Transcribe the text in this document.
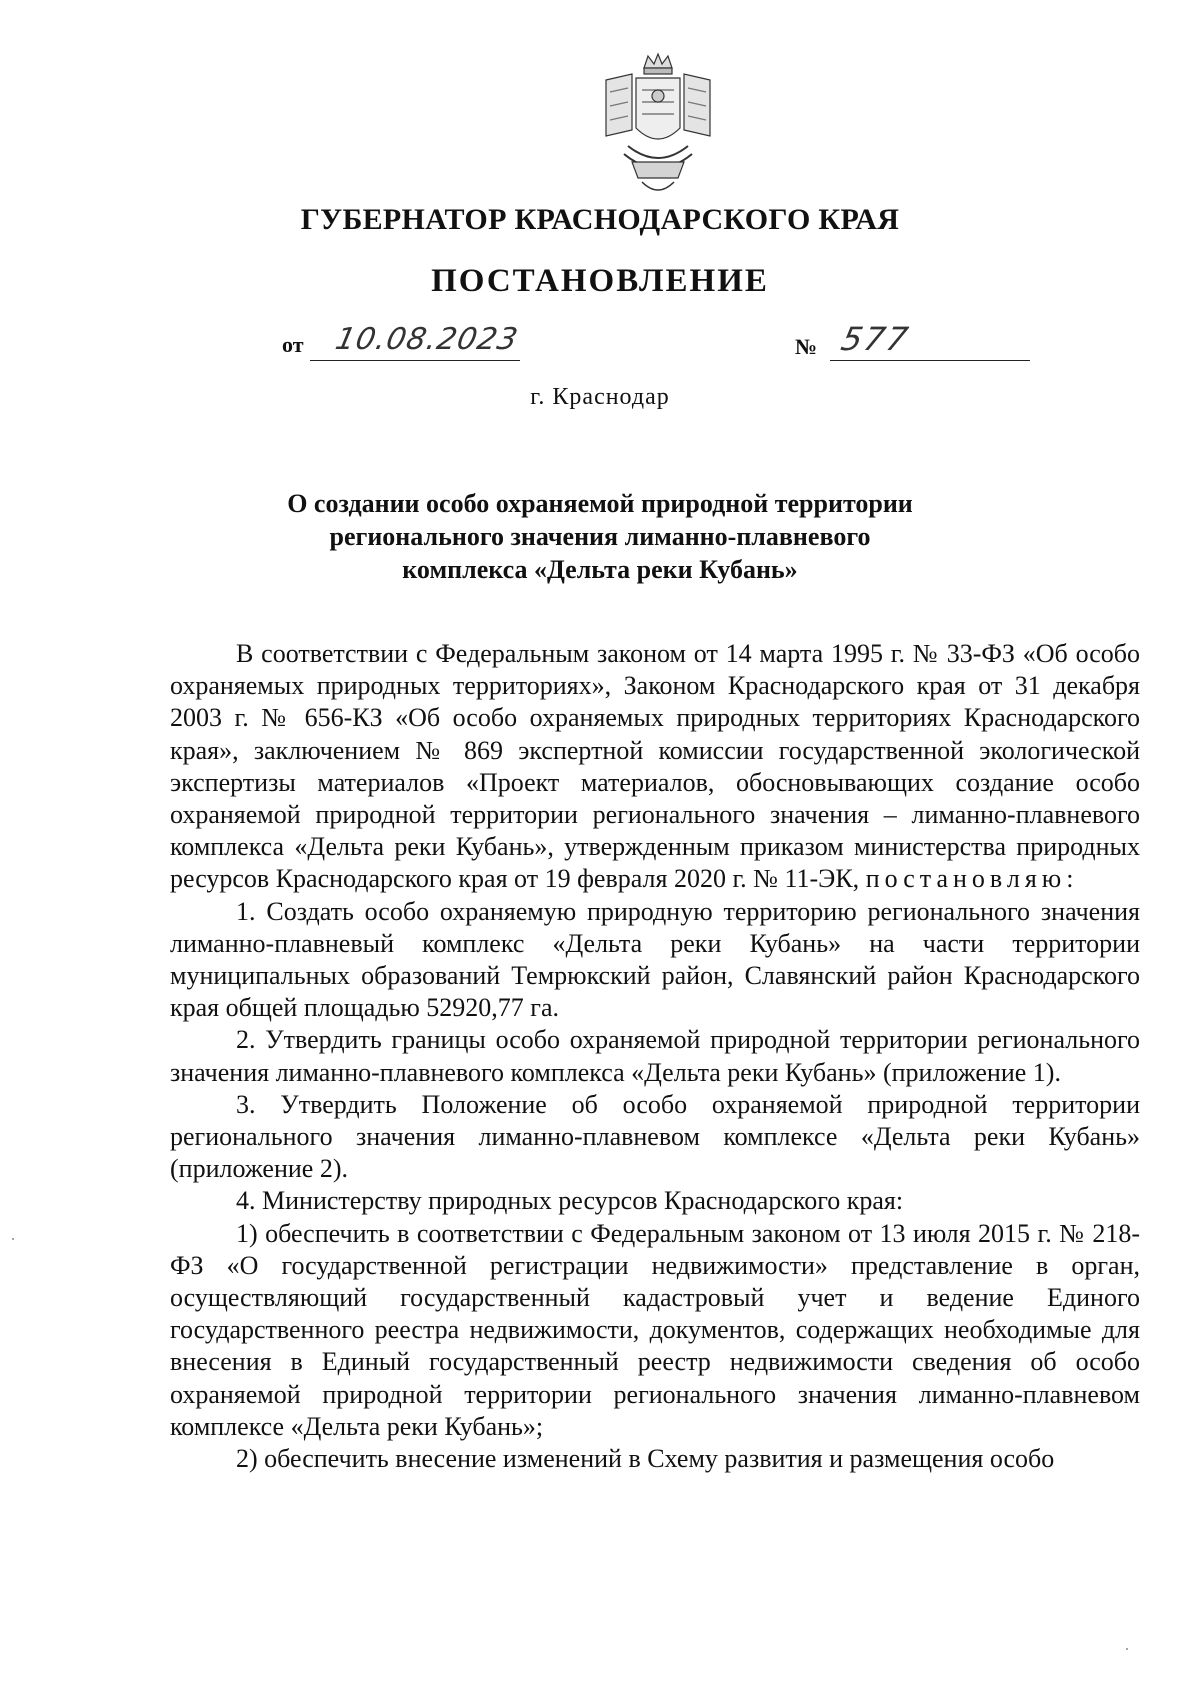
ГУБЕРНАТОР КРАСНОДАРСКОГО КРАЯ
ПОСТАНОВЛЕНИЕ
от 10.08.2023	№ 577
г. Краснодар
О создании особо охраняемой природной территории
регионального значения лиманно-плавневого
комплекса «Дельта реки Кубань»

В соответствии с Федеральным законом от 14 марта 1995 г. № 33-ФЗ «Об особо охраняемых природных территориях», Законом Краснодарского края от 31 декабря 2003 г. № 656-КЗ «Об особо охраняемых природных территориях Краснодарского края», заключением № 869 экспертной комиссии государственной экологической экспертизы материалов «Проект материалов, обосновывающих создание особо охраняемой природной территории регионального значения – лиманно-плавневого комплекса «Дельта реки Кубань», утвержденным приказом министерства природных ресурсов Краснодарского края от 19 февраля 2020 г. № 11-ЭК, постановляю:

1. Создать особо охраняемую природную территорию регионального значения лиманно-плавневый комплекс «Дельта реки Кубань» на части территории муниципальных образований Темрюкский район, Славянский район Краснодарского края общей площадью 52920,77 га.

2. Утвердить границы особо охраняемой природной территории регионального значения лиманно-плавневого комплекса «Дельта реки Кубань» (приложение 1).

3. Утвердить Положение об особо охраняемой природной территории регионального значения лиманно-плавневом комплексе «Дельта реки Кубань» (приложение 2).

4. Министерству природных ресурсов Краснодарского края:

1) обеспечить в соответствии с Федеральным законом от 13 июля 2015 г. № 218-ФЗ «О государственной регистрации недвижимости» представление в орган, осуществляющий государственный кадастровый учет и ведение Единого государственного реестра недвижимости, документов, содержащих необходимые для внесения в Единый государственный реестр недвижимости сведения об особо охраняемой природной территории регионального значения лиманно-плавневом комплексе «Дельта реки Кубань»;

2) обеспечить внесение изменений в Схему развития и размещения особо
